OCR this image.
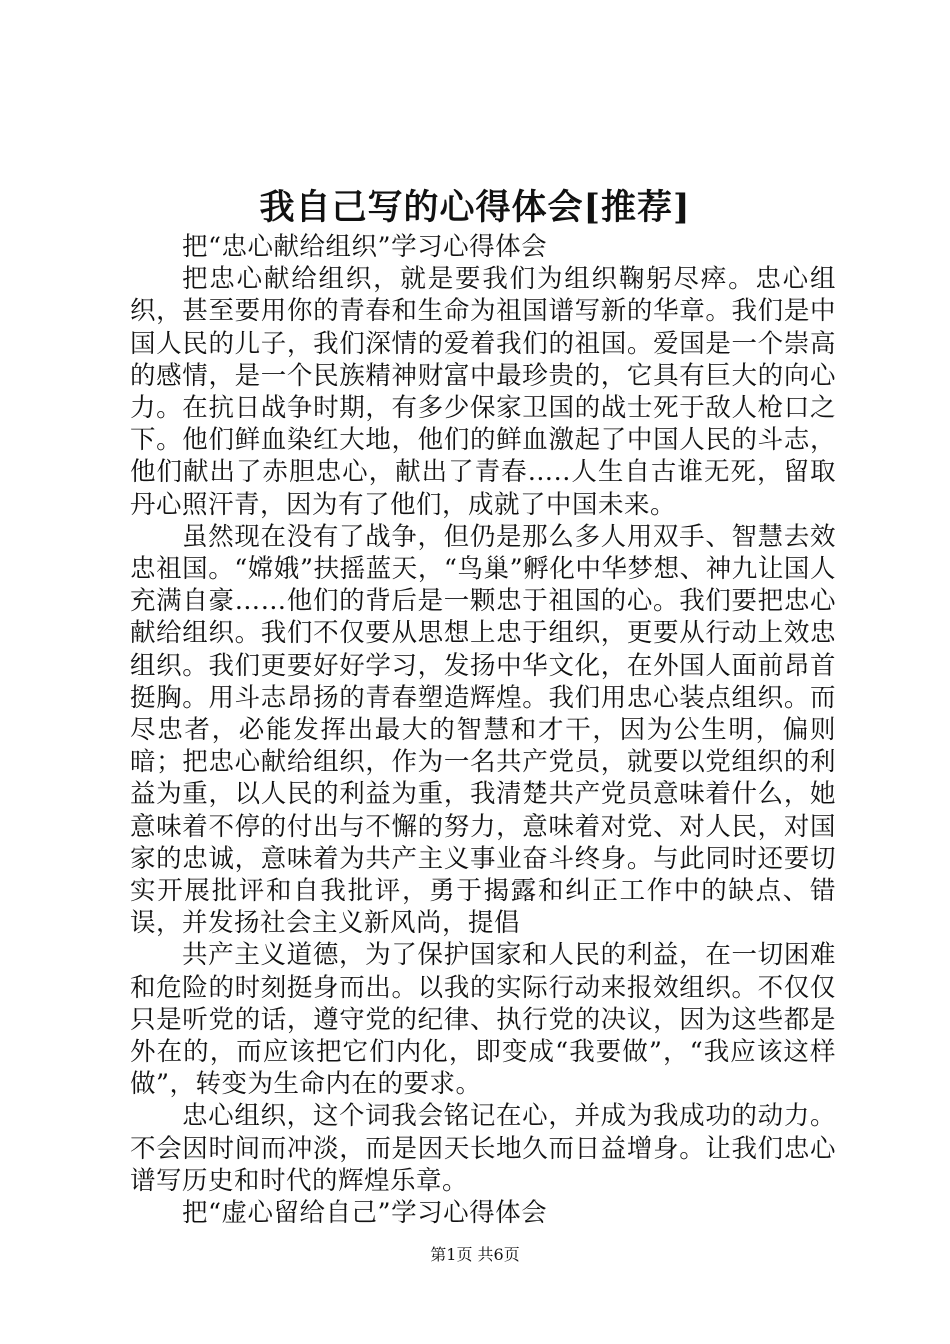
我自己写的心得体会[推荐]

把“忠心献给组织”学习心得体会

把忠心献给组织，就是要我们为组织鞠躬尽瘁。忠心组织，甚至要用你的青春和生命为祖国谱写新的华章。我们是中国人民的儿子，我们深情的爱着我们的祖国。爱国是一个崇高的感情，是一个民族精神财富中最珍贵的，它具有巨大的向心力。在抗日战争时期，有多少保家卫国的战士死于敌人枪口之下。他们鲜血染红大地，他们的鲜血激起了中国人民的斗志，他们献出了赤胆忠心，献出了青春…..人生自古谁无死，留取丹心照汗青，因为有了他们，成就了中国未来。

虽然现在没有了战争，但仍是那么多人用双手、智慧去效忠祖国。“嫦娥”扶摇蓝天，“鸟巢”孵化中华梦想、神九让国人充满自豪……他们的背后是一颗忠于祖国的心。我们要把忠心献给组织。我们不仅要从思想上忠于组织，更要从行动上效忠组织。我们更要好好学习，发扬中华文化，在外国人面前昂首挺胸。用斗志昂扬的青春塑造辉煌。我们用忠心装点组织。而尽忠者，必能发挥出最大的智慧和才干，因为公生明，偏则暗；把忠心献给组织，作为一名共产党员，就要以党组织的利益为重，以人民的利益为重，我清楚共产党员意味着什么，她意味着不停的付出与不懈的努力，意味着对党、对人民，对国家的忠诚，意味着为共产主义事业奋斗终身。与此同时还要切实开展批评和自我批评，勇于揭露和纠正工作中的缺点、错误，并发扬社会主义新风尚，提倡

共产主义道德，为了保护国家和人民的利益，在一切困难和危险的时刻挺身而出。以我的实际行动来报效组织。不仅仅只是听党的话，遵守党的纪律、执行党的决议，因为这些都是外在的，而应该把它们内化，即变成“我要做”，“我应该这样做”，转变为生命内在的要求。

忠心组织，这个词我会铭记在心，并成为我成功的动力。不会因时间而冲淡，而是因天长地久而日益增身。让我们忠心谱写历史和时代的辉煌乐章。

把“虚心留给自己”学习心得体会

第1页 共6页
